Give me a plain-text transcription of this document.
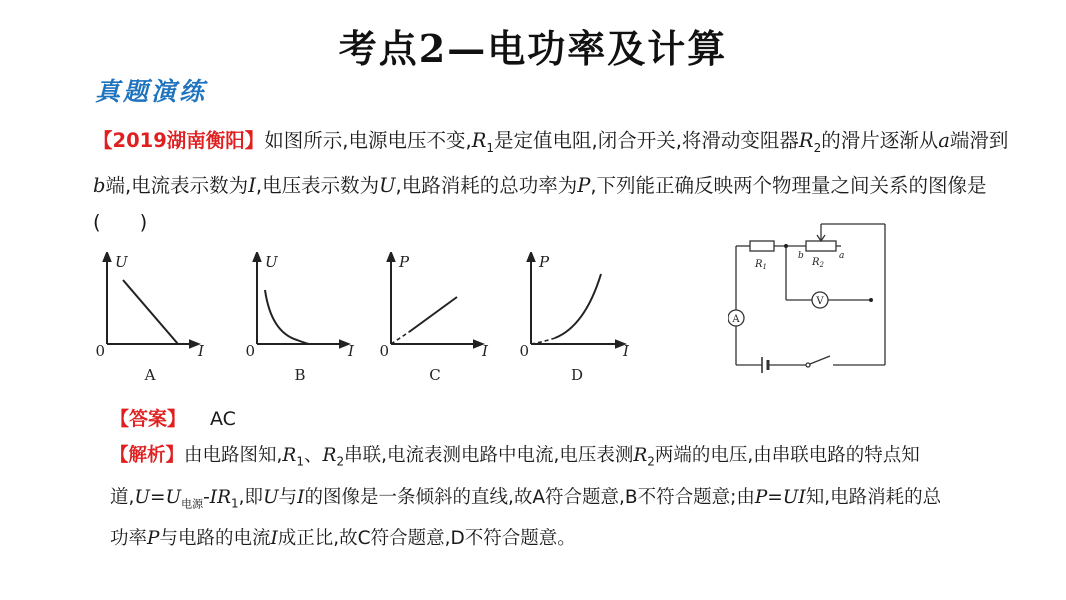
考点2—电功率及计算
真题演练
【2019湖南衡阳】如图所示,电源电压不变$,R_1$是定值电阻,闭合开关,将滑动变阻器$R_2$的滑片逐渐从a端滑到b端,电流表示数为I,电压表示数为U,电路消耗的总功率为P,下列能正确反映两个物理量之间关系的图像是　(　　)
U
I
0
A
U
I
0
B
P
I
0
C
P
I
0
D
$R_1$	$R_2$
b	a
V
A
【答案】 AC
【解析】由电路图知$,R_1$、$R_2$串联,电流表测电路中电流,电压表测$R_2$两端的电压,由串联电路的特点知道$,U=U_{电源}-IR_1$,即U与I的图像是一条倾斜的直线,故A符合题意,B不符合题意;由P=UI知,电路消耗的总功率P与电路的电流I成正比,故C符合题意,D不符合题意。
